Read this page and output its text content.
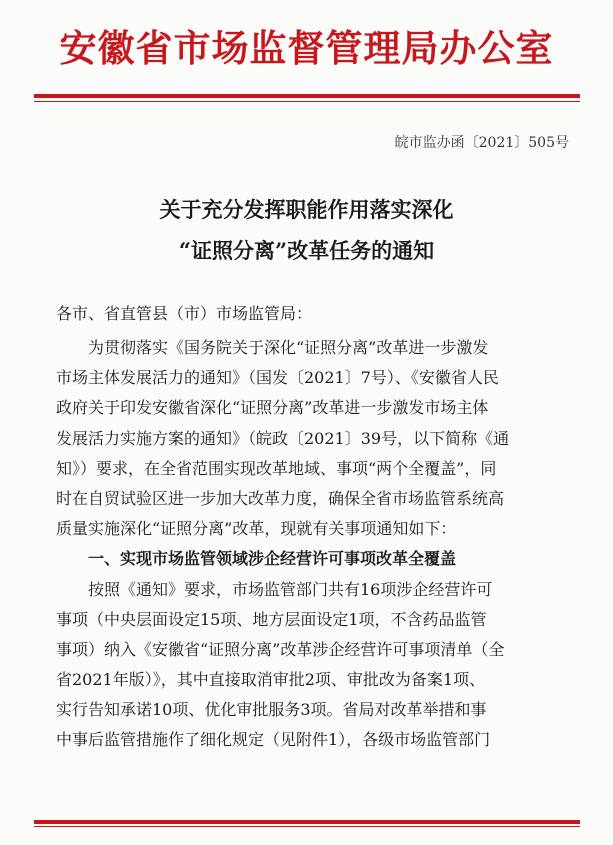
安徽省市场监督管理局办公室
皖市监办函〔2021〕505号
关于充分发挥职能作用落实深化
“证照分离”改革任务的通知
各市、省直管县（市）市场监管局：
为贯彻落实《国务院关于深化“证照分离”改革进一步激发
市场主体发展活力的通知》（国发〔2021〕7号）、《安徽省人民
政府关于印发安徽省深化“证照分离”改革进一步激发市场主体
发展活力实施方案的通知》（皖政〔2021〕39号，以下简称《通
知》）要求，在全省范围实现改革地域、事项“两个全覆盖”，同
时在自贸试验区进一步加大改革力度，确保全省市场监管系统高
质量实施深化“证照分离”改革，现就有关事项通知如下：
一、实现市场监管领域涉企经营许可事项改革全覆盖
按照《通知》要求，市场监管部门共有16项涉企经营许可
事项（中央层面设定15项、地方层面设定1项，不含药品监管
事项）纳入《安徽省“证照分离”改革涉企经营许可事项清单（全
省2021年版）》，其中直接取消审批2项、审批改为备案1项、
实行告知承诺10项、优化审批服务3项。省局对改革举措和事
中事后监管措施作了细化规定（见附件1），各级市场监管部门
